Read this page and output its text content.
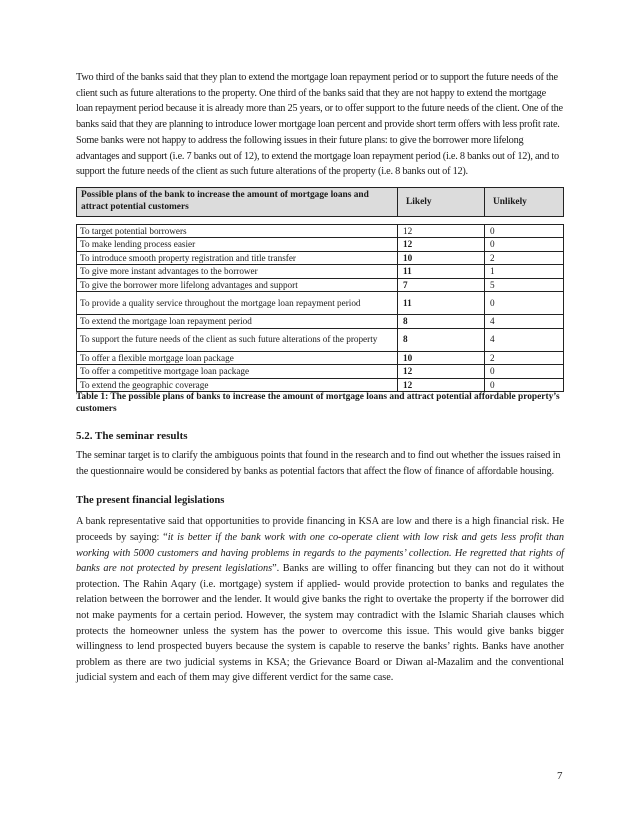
Two third of the banks said that they plan to extend the mortgage loan repayment period or to support the future needs of the client such as future alterations to the property. One third of the banks said that they are not happy to extend the mortgage loan repayment period because it is already more than 25 years, or to offer support to the future needs of the client. One of the banks said that they are planning to introduce lower mortgage loan percent and provide short term offers with less profit rate. Some banks were not happy to address the following issues in their future plans: to give the borrower more lifelong advantages and support (i.e. 7 banks out of 12), to extend the mortgage loan repayment period (i.e. 8 banks out of 12), and to support the future needs of the client as such future alterations of the property (i.e. 8 banks out of 12).

Possible plans of the bank to increase the amount of mortgage loans and attract potential customers	Likely	Unlikely
To target potential borrowers	12	0
To make lending process easier	12	0
To introduce smooth property registration and title transfer	10	2
To give more instant advantages to the borrower	11	1
To give the borrower more lifelong advantages and support	7	5
To provide a quality service throughout the mortgage loan repayment period	11	0
To extend the mortgage loan repayment period	8	4
To support the future needs of the client as such future alterations of the property	8	4
To offer a flexible mortgage loan package	10	2
To offer a competitive mortgage loan package	12	0
To extend the geographic coverage	12	0

Table 1: The possible plans of banks to increase the amount of mortgage loans and attract potential affordable property’s customers

5.2. The seminar results

The seminar target is to clarify the ambiguous points that found in the research and to find out whether the issues raised in the questionnaire would be considered by banks as potential factors that affect the flow of finance of affordable housing.

The present financial legislations

A bank representative said that opportunities to provide financing in KSA are low and there is a high financial risk. He proceeds by saying: “it is better if the bank work with one co-operate client with low risk and gets less profit than working with 5000 customers and having problems in regards to the payments’ collection. He regretted that rights of banks are not protected by present legislations”. Banks are willing to offer financing but they can not do it without protection. The Rahin Aqary (i.e. mortgage) system if applied- would provide protection to banks and regulates the relation between the borrower and the lender. It would give banks the right to overtake the property if the borrower did not make payments for a certain period. However, the system may contradict with the Islamic Shariah clauses which protects the homeowner unless the system has the power to overcome this issue. This would give banks bigger willingness to lend prospected buyers because the system is capable to reserve the banks’ rights. Banks have another problem as there are two judicial systems in KSA; the Grievance Board or Diwan al-Mazalim and the conventional judicial system and each of them may give different verdict for the same case.

7
